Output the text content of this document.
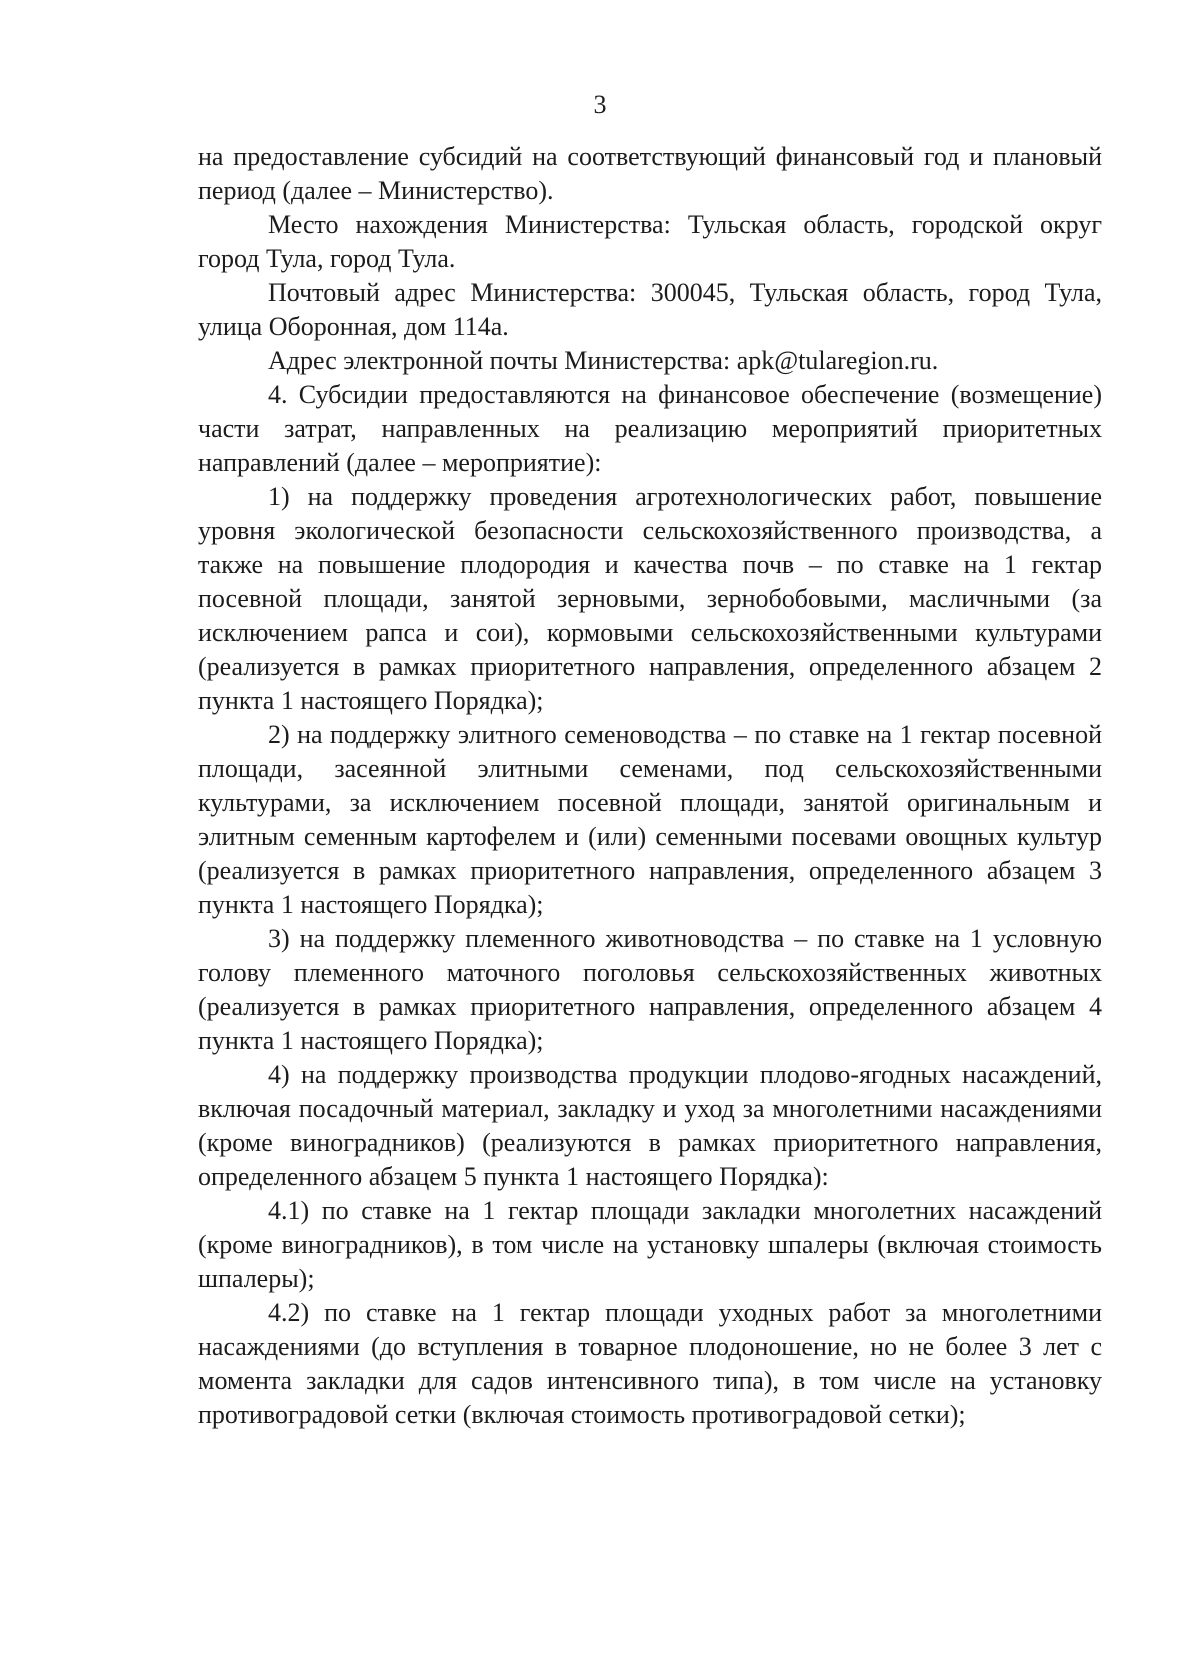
3

на предоставление субсидий на соответствующий финансовый год и плановый период (далее – Министерство).

Место нахождения Министерства: Тульская область, городской округ город Тула, город Тула.

Почтовый адрес Министерства: 300045, Тульская область, город Тула, улица Оборонная, дом 114а.

Адрес электронной почты Министерства: apk@tularegion.ru.

4. Субсидии предоставляются на финансовое обеспечение (возмещение) части затрат, направленных на реализацию мероприятий приоритетных направлений (далее – мероприятие):

1) на поддержку проведения агротехнологических работ, повышение уровня экологической безопасности сельскохозяйственного производства, а также на повышение плодородия и качества почв – по ставке на 1 гектар посевной площади, занятой зерновыми, зернобобовыми, масличными (за исключением рапса и сои), кормовыми сельскохозяйственными культурами (реализуется в рамках приоритетного направления, определенного абзацем 2 пункта 1 настоящего Порядка);

2) на поддержку элитного семеноводства – по ставке на 1 гектар посевной площади, засеянной элитными семенами, под сельскохозяйственными культурами, за исключением посевной площади, занятой оригинальным и элитным семенным картофелем и (или) семенными посевами овощных культур (реализуется в рамках приоритетного направления, определенного абзацем 3 пункта 1 настоящего Порядка);

3) на поддержку племенного животноводства – по ставке на 1 условную голову племенного маточного поголовья сельскохозяйственных животных (реализуется в рамках приоритетного направления, определенного абзацем 4 пункта 1 настоящего Порядка);

4) на поддержку производства продукции плодово-ягодных насаждений, включая посадочный материал, закладку и уход за многолетними насаждениями (кроме виноградников) (реализуются в рамках приоритетного направления, определенного абзацем 5 пункта 1 настоящего Порядка):

4.1) по ставке на 1 гектар площади закладки многолетних насаждений (кроме виноградников), в том числе на установку шпалеры (включая стоимость шпалеры);

4.2) по ставке на 1 гектар площади уходных работ за многолетними насаждениями (до вступления в товарное плодоношение, но не более 3 лет с момента закладки для садов интенсивного типа), в том числе на установку противоградовой сетки (включая стоимость противоградовой сетки);
